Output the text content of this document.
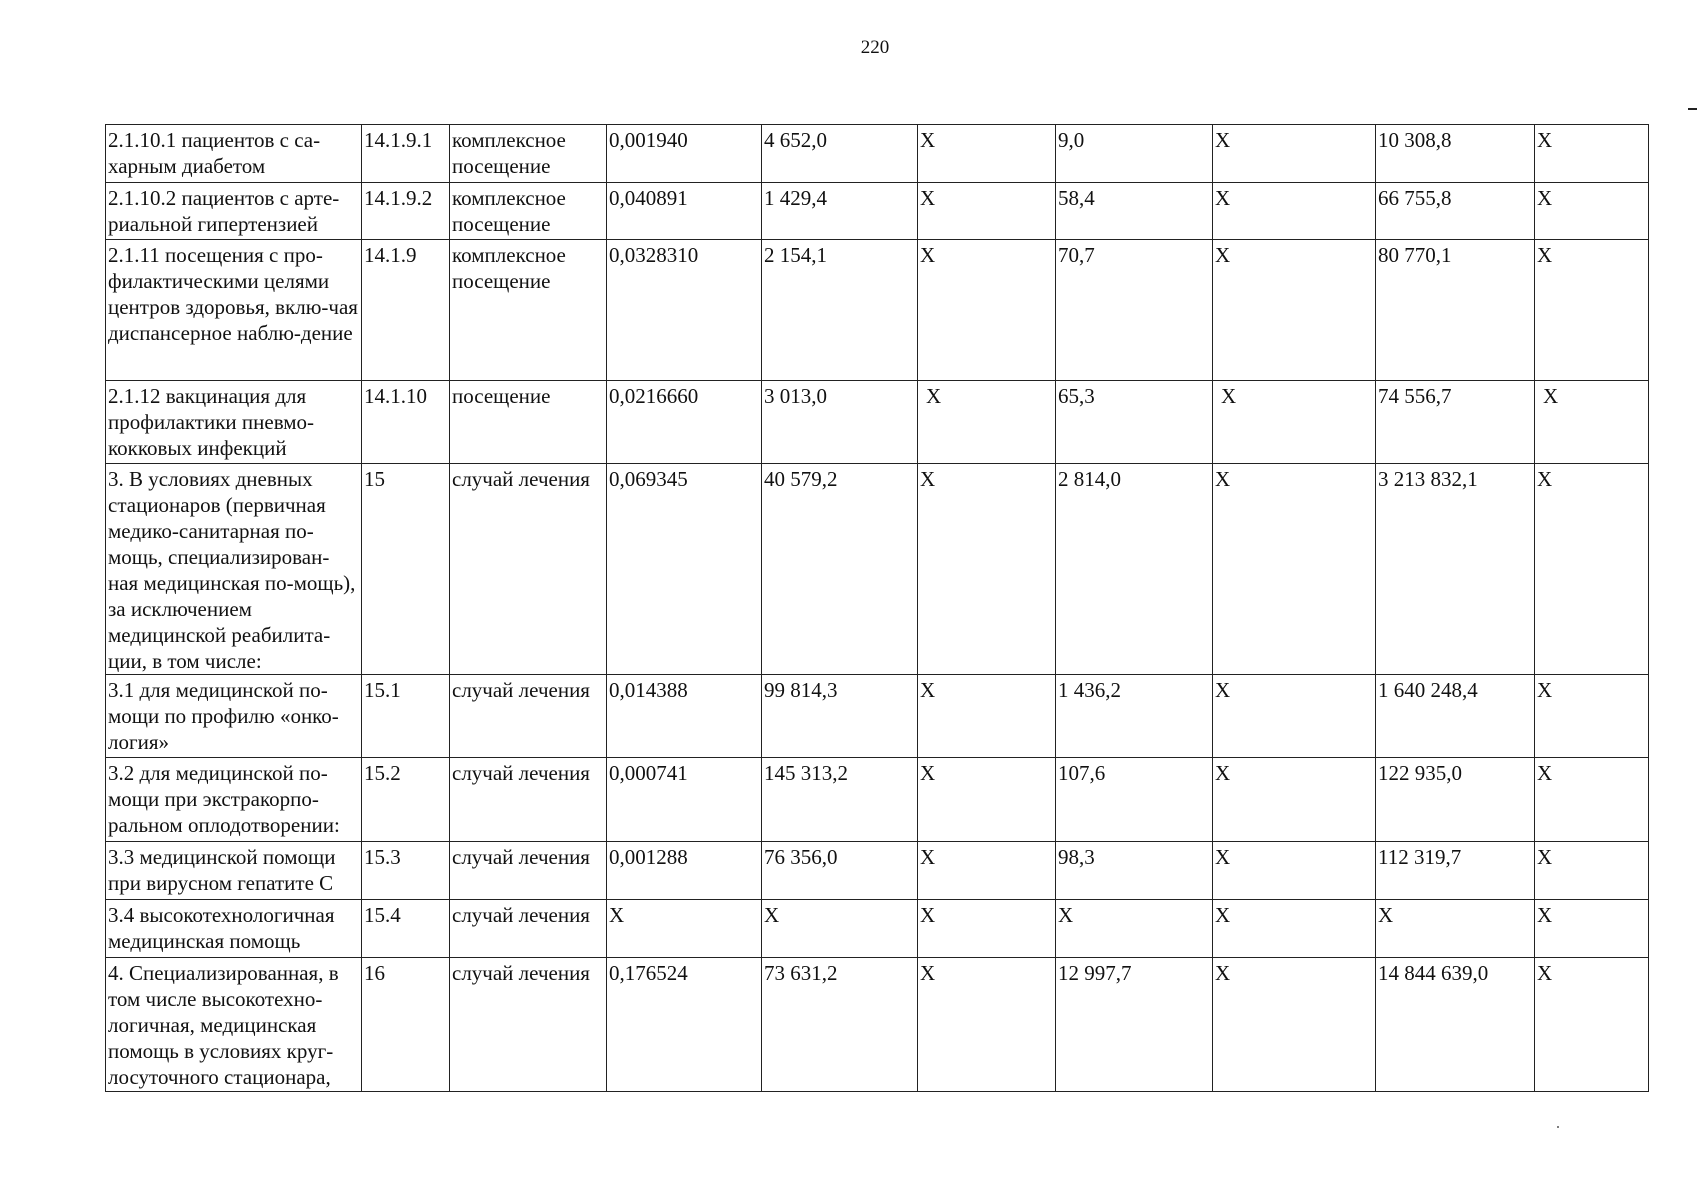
220
2.1.10.1 пациентов с са-харным диабетом	14.1.9.1	комплексное посещение	0,001940	4 652,0	X	9,0	X	10 308,8	X
2.1.10.2 пациентов с арте-риальной гипертензией	14.1.9.2	комплексное посещение	0,040891	1 429,4	X	58,4	X	66 755,8	X
2.1.11 посещения с про-филактическими целями центров здоровья, вклю-чая диспансерное наблю-дение	14.1.9	комплексное посещение	0,0328310	2 154,1	X	70,7	X	80 770,1	X
2.1.12 вакцинация для профилактики пневмо-кокковых инфекций	14.1.10	посещение	0,0216660	3 013,0	X	65,3	X	74 556,7	X
3. В условиях дневных стационаров (первичная медико-санитарная по-мощь, специализирован-ная медицинская по-мощь), за исключением медицинской реабилита-ции, в том числе:	15	случай лечения	0,069345	40 579,2	X	2 814,0	X	3 213 832,1	X
3.1 для медицинской по-мощи по профилю «онко-логия»	15.1	случай лечения	0,014388	99 814,3	X	1 436,2	X	1 640 248,4	X
3.2 для медицинской по-мощи при экстракорпо-ральном оплодотворении:	15.2	случай лечения	0,000741	145 313,2	X	107,6	X	122 935,0	X
3.3 медицинской помощи при вирусном гепатите С	15.3	случай лечения	0,001288	76 356,0	X	98,3	X	112 319,7	X
3.4 высокотехнологичная медицинская помощь	15.4	случай лечения	X	X	X	X	X	X	X
4. Специализированная, в том числе высокотехно-логичная, медицинская помощь в условиях круг-лосуточного стационара,	16	случай лечения	0,176524	73 631,2	X	12 997,7	X	14 844 639,0	X
